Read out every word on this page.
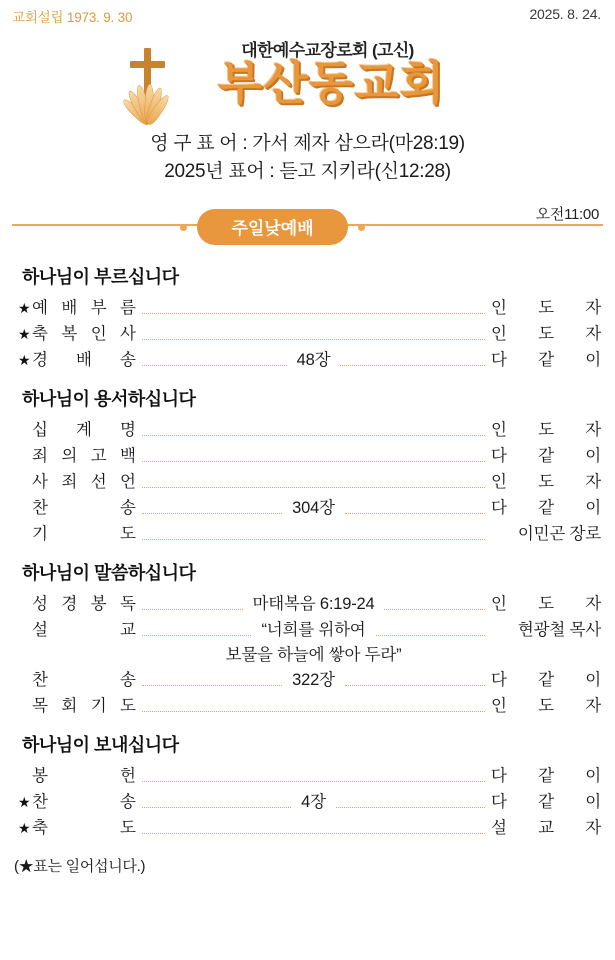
교회설립 1973. 9. 30	2025. 8. 24.
대한예수교장로회 (고신)
부산동교회
영 구 표 어 : 가서 제자 삼으라(마28:19)
2025년 표어 : 듣고 지키라(신12:28)
주일낮예배
오전11:00
하나님이 부르십니다
★ 예 배 부 름	인 도 자
★ 축 복 인 사	인 도 자
★ 경 배 송	48장	다 같 이
하나님이 용서하십니다
십 계 명	인 도 자
죄 의 고 백	다 같 이
사 죄 선 언	인 도 자
찬	송	304장	다 같 이
기	도	이민곤 장로
하나님이 말씀하십니다
성 경 봉 독	마태복음 6:19-24	인 도 자
설	교	“너희를 위하여	현광철 목사
보물을 하늘에 쌓아 두라”
찬	송	322장	다 같 이
목 회 기 도	인 도 자
하나님이 보내십니다
봉	헌	다 같 이
★ 찬	송	4장	다 같 이
★ 축	도	설 교 자
(★표는 일어섭니다.)
